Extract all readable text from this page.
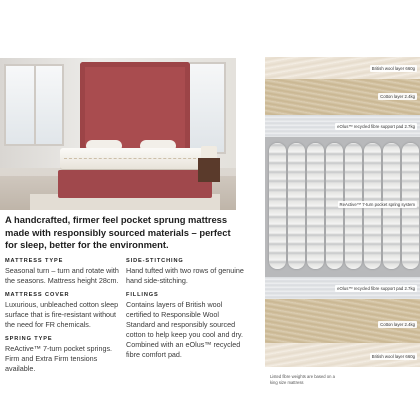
A handcrafted, firmer feel pocket sprung mattress made with responsibly sourced materials – perfect for sleep, better for the environment.
MATTRESS TYPE
Seasonal turn – turn and rotate with the seasons. Mattress height 28cm.
MATTRESS COVER
Luxurious, unbleached cotton sleep surface that is fire-resistant without the need for FR chemicals.
SPRING TYPE
ReActive™ 7-turn pocket springs. Firm and Extra Firm tensions available.
SIDE-STITCHING
Hand tufted with two rows of genuine hand side-stitching.
FILLINGS
Contains layers of British wool certified to Responsible Wool Standard and responsibly sourced cotton to help keep you cool and dry. Combined with an eOlus™ recycled fibre comfort pad.
British wool layer 660g
Cotton layer 2.4kg
eOlus™ recycled fibre support pad 2.7kg
ReActive™ 7-turn pocket spring system
eOlus™ recycled fibre support pad 2.7kg
Cotton layer 2.4kg
British wool layer 660g
Listed fibre weights are based on a king size mattress
